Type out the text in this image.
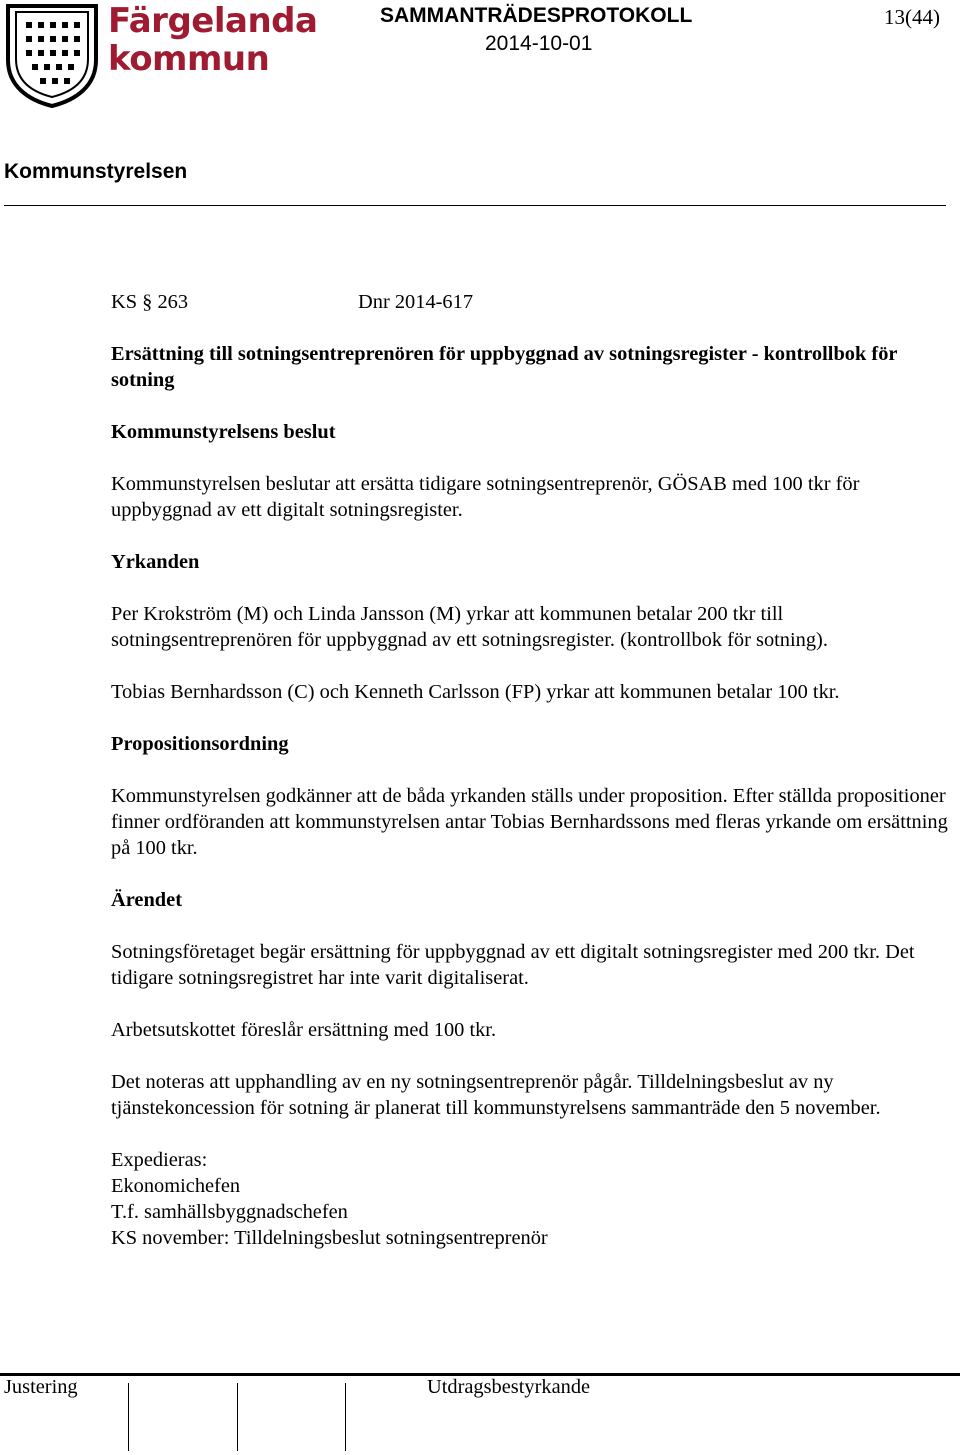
Färgelanda
kommun
SAMMANTRÄDESPROTOKOLL
2014-10-01
13(44)
Kommunstyrelsen
KS § 263	Dnr 2014-617
Ersättning till sotningsentreprenören för uppbyggnad av sotningsregister - kontrollbok för sotning
Kommunstyrelsens beslut

Kommunstyrelsen beslutar att ersätta tidigare sotningsentreprenör, GÖSAB med 100 tkr för uppbyggnad av ett digitalt sotningsregister.

Yrkanden

Per Krokström (M) och Linda Jansson (M) yrkar att kommunen betalar 200 tkr till sotningsentreprenören för uppbyggnad av ett sotningsregister. (kontrollbok för sotning).

Tobias Bernhardsson (C) och Kenneth Carlsson (FP) yrkar att kommunen betalar 100 tkr.

Propositionsordning

Kommunstyrelsen godkänner att de båda yrkanden ställs under proposition. Efter ställda propositioner finner ordföranden att kommunstyrelsen antar Tobias Bernhardssons med fleras yrkande om ersättning på 100 tkr.

Ärendet

Sotningsföretaget begär ersättning för uppbyggnad av ett digitalt sotningsregister med 200 tkr. Det tidigare sotningsregistret har inte varit digitaliserat.

Arbetsutskottet föreslår ersättning med 100 tkr.

Det noteras att upphandling av en ny sotningsentreprenör pågår. Tilldelningsbeslut av ny tjänstekoncession för sotning är planerat till kommunstyrelsens sammanträde den 5 november.

Expedieras:
Ekonomichefen
T.f. samhällsbyggnadschefen
KS november: Tilldelningsbeslut sotningsentreprenör
Justering	Utdragsbestyrkande
